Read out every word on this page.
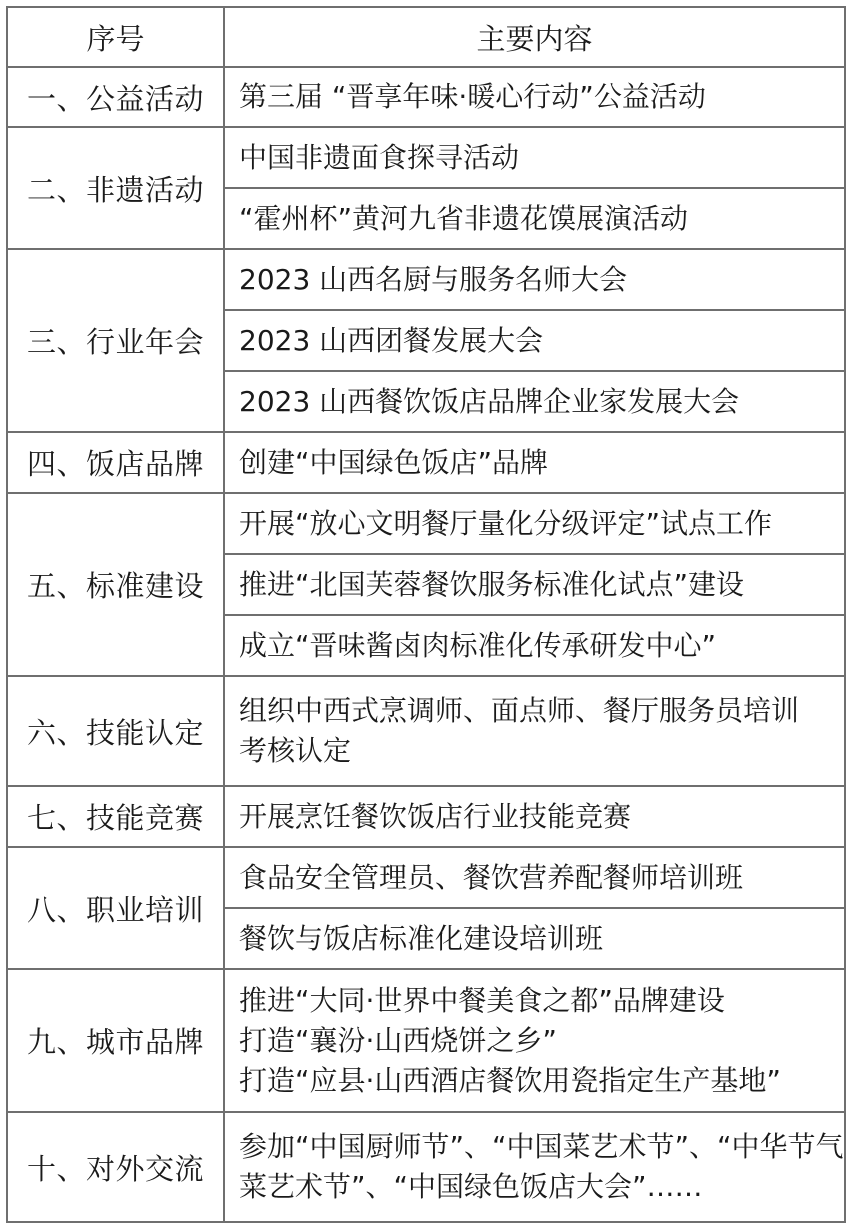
序号	主要内容
一、公益活动	第三届 “晋享年味·暖心行动”公益活动
二、非遗活动	中国非遗面食探寻活动
	“霍州杯”黄河九省非遗花馍展演活动
三、行业年会	2023 山西名厨与服务名师大会
	2023 山西团餐发展大会
	2023 山西餐饮饭店品牌企业家发展大会
四、饭店品牌	创建“中国绿色饭店”品牌
五、标准建设	开展“放心文明餐厅量化分级评定”试点工作
	推进“北国芙蓉餐饮服务标准化试点”建设
	成立“晋味酱卤肉标准化传承研发中心”
六、技能认定	组织中西式烹调师、面点师、餐厅服务员培训
考核认定

七、技能竞赛	开展烹饪餐饮饭店行业技能竞赛
八、职业培训	食品安全管理员、餐饮营养配餐师培训班
	餐饮与饭店标准化建设培训班
九、城市品牌	推进“大同·世界中餐美食之都”品牌建设
打造“襄汾·山西烧饼之乡”
打造“应县·山西酒店餐饮用瓷指定生产基地”

十、对外交流	参加“中国厨师节”、“中国菜艺术节”、“中华节气
菜艺术节”、“中国绿色饭店大会”……
